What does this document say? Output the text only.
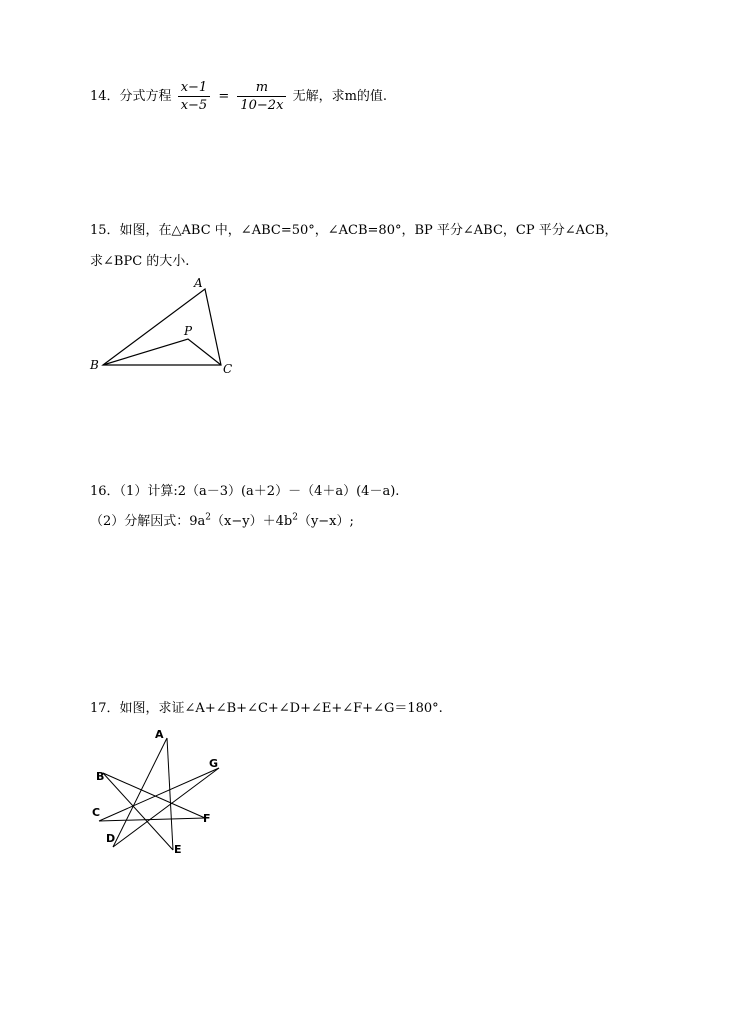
14．分式方程 $\frac{x-1}{x-5} = \frac{m}{10-2x}$ 无解，求m的值.
15．如图，在△ABC 中，∠ABC=50°，∠ACB=80°，BP 平分∠ABC，CP 平分∠ACB，
求∠BPC 的大小.
A
B	C
P
16．（1）计算:2（a－3）(a＋2）－（4＋a）(4－a).
（2）分解因式：$9a^2(x-y)+4b^2(y-x)$;
17．如图，求证∠A+∠B+∠C+∠D+∠E+∠F+∠G＝180°.
A
B
C
D
E
F
G
